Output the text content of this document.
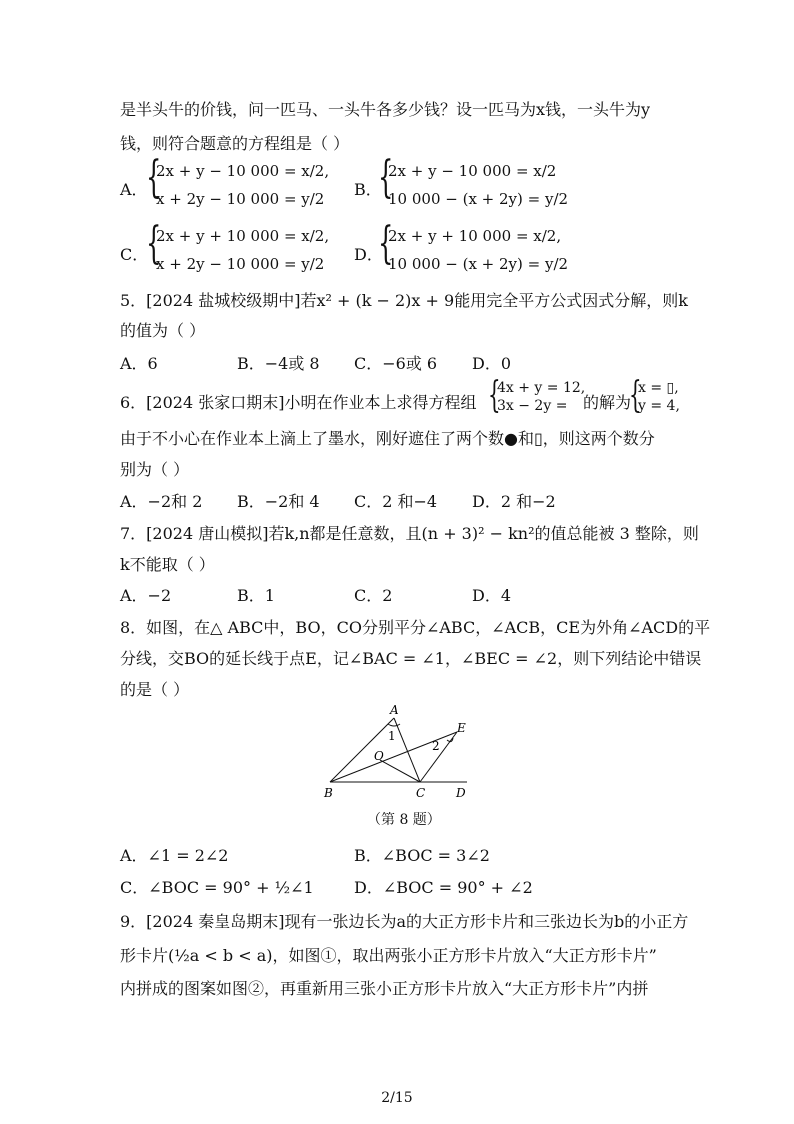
是半头牛的价钱，问一匹马、一头牛各多少钱？设一匹马为x钱，一头牛为y
钱，则符合题意的方程组是（ ）
A．
{
2x + y − 10 000 = x/2,
x + 2y − 10 000 = y/2 B．
{
2x + y − 10 000 = x/2
10 000 − (x + 2y) = y/2
C．
{
2x + y + 10 000 = x/2,
x + 2y − 10 000 = y/2 D．
{
2x + y + 10 000 = x/2,
10 000 − (x + 2y) = y/2
5．[2024 盐城校级期中]若x² + (k − 2)x + 9能用完全平方公式因式分解，则k
的值为（ ）
A．6	B．−4或 8 C．−6或 6 D．0
6．[2024 张家口期末]小明在作业本上求得方程组 {
4x + y = 12,
3x − 2y = 的解为
{
x = ▯,
y = 4,
由于不小心在作业本上滴上了墨水，刚好遮住了两个数●和▯，则这两个数分
别为（ ）
A．−2和 2 B．−2和 4 C．2 和−4 D．2 和−2
7．[2024 唐山模拟]若k,n都是任意数，且(n + 3)² − kn²的值总能被 3 整除，则
k不能取（ ）
A．−2	B．1	C．2	D．4
8．如图，在△ ABC中，BO，CO分别平分∠ABC，∠ACB，CE为外角∠ACD的平
分线，交BO的延长线于点E，记∠BAC = ∠1，∠BEC = ∠2，则下列结论中错误
的是（ ）
A
B	C	D
E
O
1
2
（第 8 题）
A．∠1 = 2∠2	B．∠BOC = 3∠2
C．∠BOC = 90° + ½∠1	D．∠BOC = 90° + ∠2
9．[2024 秦皇岛期末]现有一张边长为a的大正方形卡片和三张边长为b的小正方
形卡片(½a < b < a)，如图①，取出两张小正方形卡片放入“大正方形卡片”
内拼成的图案如图②，再重新用三张小正方形卡片放入“大正方形卡片”内拼
2/15
